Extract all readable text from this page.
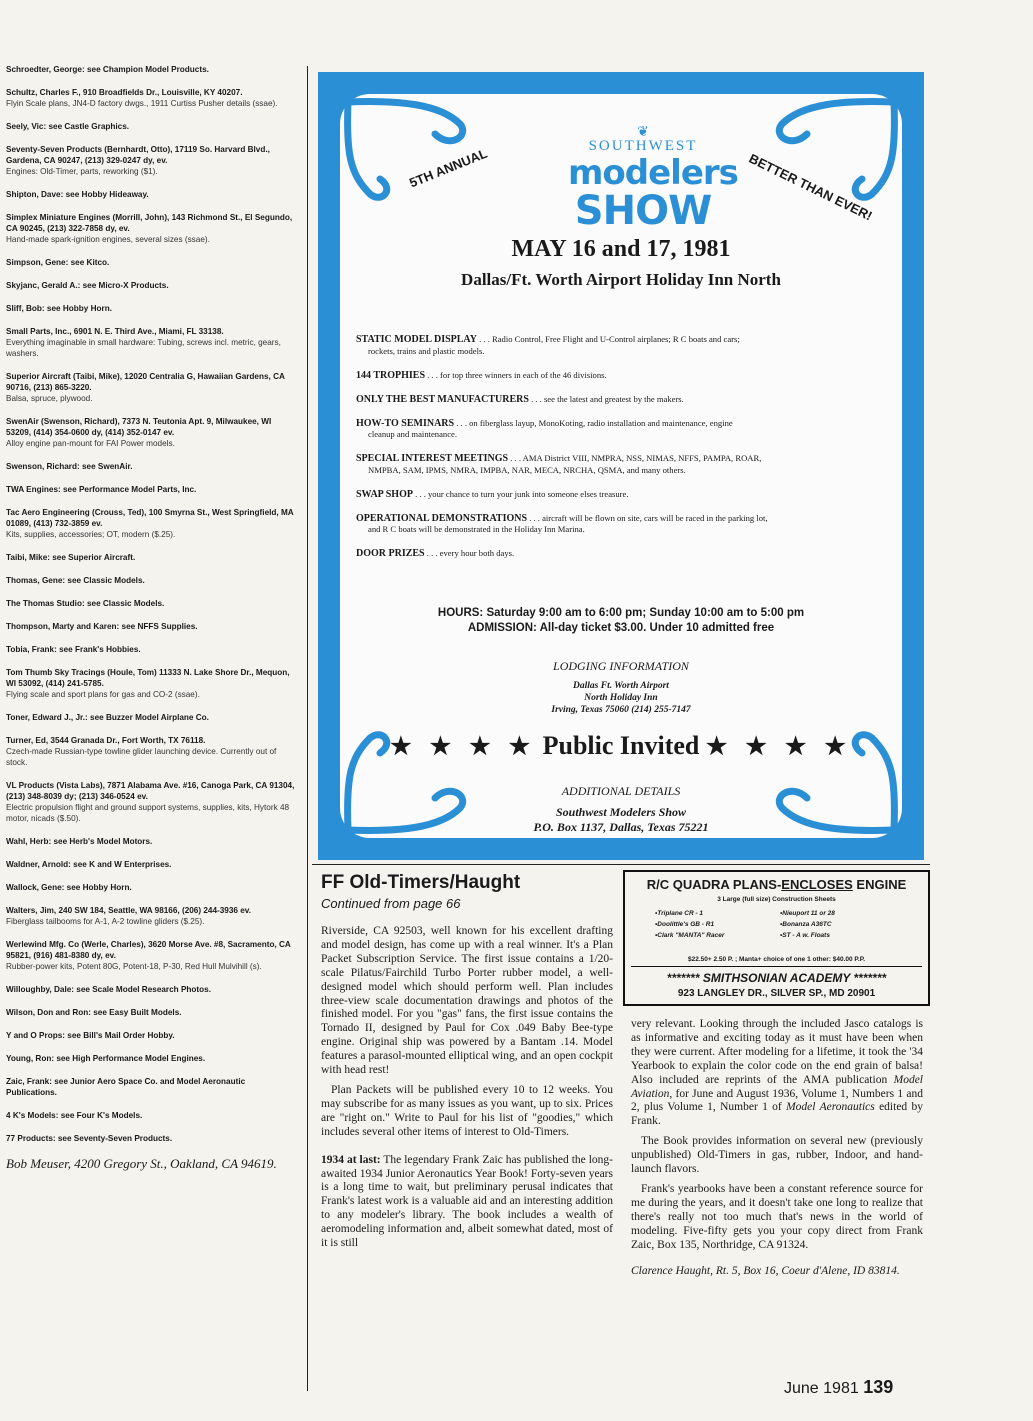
Schroedter, George: see Champion Model Products.
Schultz, Charles F., 910 Broadfields Dr., Louisville, KY 40207.
Flyin Scale plans, JN4-D factory dwgs., 1911 Curtiss Pusher details (ssae).
Seely, Vic: see Castle Graphics.
Seventy-Seven Products (Bernhardt, Otto), 17119 So. Harvard Blvd., Gardena, CA 90247, (213) 329-0247 dy, ev.
Engines: Old-Timer, parts, reworking ($1).
Shipton, Dave: see Hobby Hideaway.
Simplex Miniature Engines (Morrill, John), 143 Richmond St., El Segundo, CA 90245, (213) 322-7858 dy, ev.
Hand-made spark-ignition engines, several sizes (ssae).
Simpson, Gene: see Kitco.
Skyjanc, Gerald A.: see Micro-X Products.
Sliff, Bob: see Hobby Horn.
Small Parts, Inc., 6901 N. E. Third Ave., Miami, FL 33138.
Everything imaginable in small hardware: Tubing, screws incl. metric, gears, washers.
Superior Aircraft (Taibi, Mike), 12020 Centralia G, Hawaiian Gardens, CA 90716, (213) 865-3220.
Balsa, spruce, plywood.
SwenAir (Swenson, Richard), 7373 N. Teutonia Apt. 9, Milwaukee, WI 53209, (414) 354-0600 dy, (414) 352-0147 ev.
Alloy engine pan-mount for FAI Power models.
Swenson, Richard: see SwenAir.
TWA Engines: see Performance Model Parts, Inc.
Tac Aero Engineering (Crouss, Ted), 100 Smyrna St., West Springfield, MA 01089, (413) 732-3859 ev.
Kits, supplies, accessories; OT, modern ($.25).
Taibi, Mike: see Superior Aircraft.
Thomas, Gene: see Classic Models.
The Thomas Studio: see Classic Models.
Thompson, Marty and Karen: see NFFS Supplies.
Tobia, Frank: see Frank's Hobbies.
Tom Thumb Sky Tracings (Houle, Tom) 11333 N. Lake Shore Dr., Mequon, WI 53092, (414) 241-5785.
Flying scale and sport plans for gas and CO-2 (ssae).
Toner, Edward J., Jr.: see Buzzer Model Airplane Co.
Turner, Ed, 3544 Granada Dr., Fort Worth, TX 76118.
Czech-made Russian-type towline glider launching device. Currently out of stock.
VL Products (Vista Labs), 7871 Alabama Ave. #16, Canoga Park, CA 91304, (213) 348-8039 dy; (213) 346-0524 ev.
Electric propulsion flight and ground support systems, supplies, kits, Hytork 48 motor, nicads ($.50).
Wahl, Herb: see Herb's Model Motors.
Waldner, Arnold: see K and W Enterprises.
Wallock, Gene: see Hobby Horn.
Walters, Jim, 240 SW 184, Seattle, WA 98166, (206) 244-3936 ev.
Fiberglass tailbooms for A-1, A-2 towline gliders ($.25).
Werlewind Mfg. Co (Werle, Charles), 3620 Morse Ave. #8, Sacramento, CA 95821, (916) 481-8380 dy, ev.
Rubber-power kits, Potent 80G, Potent-18, P-30, Red Hull Mulvihill (s).
Willoughby, Dale: see Scale Model Research Photos.
Wilson, Don and Ron: see Easy Built Models.
Y and O Props: see Bill's Mail Order Hobby.
Young, Ron: see High Performance Model Engines.
Zaic, Frank: see Junior Aero Space Co. and Model Aeronautic Publications.
4 K's Models: see Four K's Models.
77 Products: see Seventy-Seven Products.
Bob Meuser, 4200 Gregory St., Oakland, CA 94619.
❦
SOUTHWEST
modelers
SHOW
5TH ANNUAL	BETTER THAN EVER!
MAY 16 and 17, 1981
Dallas/Ft. Worth Airport Holiday Inn North
STATIC MODEL DISPLAY . . . Radio Control, Free Flight and U-Control airplanes; R C boats and cars;
rockets, trains and plastic models.
144 TROPHIES . . . for top three winners in each of the 46 divisions.
ONLY THE BEST MANUFACTURERS . . . see the latest and greatest by the makers.
HOW-TO SEMINARS . . . on fiberglass layup, MonoKoting, radio installation and maintenance, engine
cleanup and maintenance.
SPECIAL INTEREST MEETINGS . . . AMA District VIII, NMPRA, NSS, NIMAS, NFFS, PAMPA, ROAR,
NMPBA, SAM, IPMS, NMRA, IMPBA, NAR, MECA, NRCHA, QSMA, and many others.
SWAP SHOP . . . your chance to turn your junk into someone elses treasure.
OPERATIONAL DEMONSTRATIONS . . . aircraft will be flown on site, cars will be raced in the parking lot,
and R C boats will be demonstrated in the Holiday Inn Marina.
DOOR PRIZES . . . every hour both days.
HOURS: Saturday 9:00 am to 6:00 pm; Sunday 10:00 am to 5:00 pm
ADMISSION: All-day ticket $3.00. Under 10 admitted free
LODGING INFORMATION
Dallas Ft. Worth Airport
North Holiday Inn
Irving, Texas 75060 (214) 255-7147
★ ★ ★ ★ Public Invited ★ ★ ★ ★
ADDITIONAL DETAILS
Southwest Modelers Show
P.O. Box 1137, Dallas, Texas 75221
FF Old-Timers/Haught
Continued from page 66

Riverside, CA 92503, well known for his excellent drafting and model design, has come up with a real winner. It's a Plan Packet Subscription Service. The first issue contains a 1/20-scale Pilatus/Fairchild Turbo Porter rubber model, a well-designed model which should perform well. Plan includes three-view scale documentation drawings and photos of the finished model. For you "gas" fans, the first issue contains the Tornado II, designed by Paul for Cox .049 Baby Bee-type engine. Original ship was powered by a Bantam .14. Model features a parasol-mounted elliptical wing, and an open cockpit with head rest!

Plan Packets will be published every 10 to 12 weeks. You may subscribe for as many issues as you want, up to six. Prices are "right on." Write to Paul for his list of "goodies," which includes several other items of interest to Old-Timers.

1934 at last: The legendary Frank Zaic has published the long-awaited 1934 Junior Aeronautics Year Book! Forty-seven years is a long time to wait, but preliminary perusal indicates that Frank's latest work is a valuable aid and an interesting addition to any modeler's library. The book includes a wealth of aeromodeling information and, albeit somewhat dated, most of it is still

R/C QUADRA PLANS-ENCLOSES ENGINE
3 Large (full size) Construction Sheets
•Triplane CR - 1	•Nieuport 11 or 28
•Doolittle's GB - R1	•Bonanza A36TC
•Clark "MANTA" Racer	•ST - A w. Floats
$22.50+ 2.50 P. ; Manta+ choice of one 1 other: $40.00 P.P.
******* SMITHSONIAN ACADEMY *******
923 LANGLEY DR., SILVER SP., MD 20901

very relevant. Looking through the included Jasco catalogs is as informative and exciting today as it must have been when they were current. After modeling for a lifetime, it took the '34 Yearbook to explain the color code on the end grain of balsa! Also included are reprints of the AMA publication Model Aviation, for June and August 1936, Volume 1, Numbers 1 and 2, plus Volume 1, Number 1 of Model Aeronautics edited by Frank.

The Book provides information on several new (previously unpublished) Old-Timers in gas, rubber, Indoor, and hand-launch flavors.

Frank's yearbooks have been a constant reference source for me during the years, and it doesn't take one long to realize that there's really not too much that's news in the world of modeling. Five-fifty gets you your copy direct from Frank Zaic, Box 135, Northridge, CA 91324.

Clarence Haught, Rt. 5, Box 16, Coeur d'Alene, ID 83814.

June 1981 139
